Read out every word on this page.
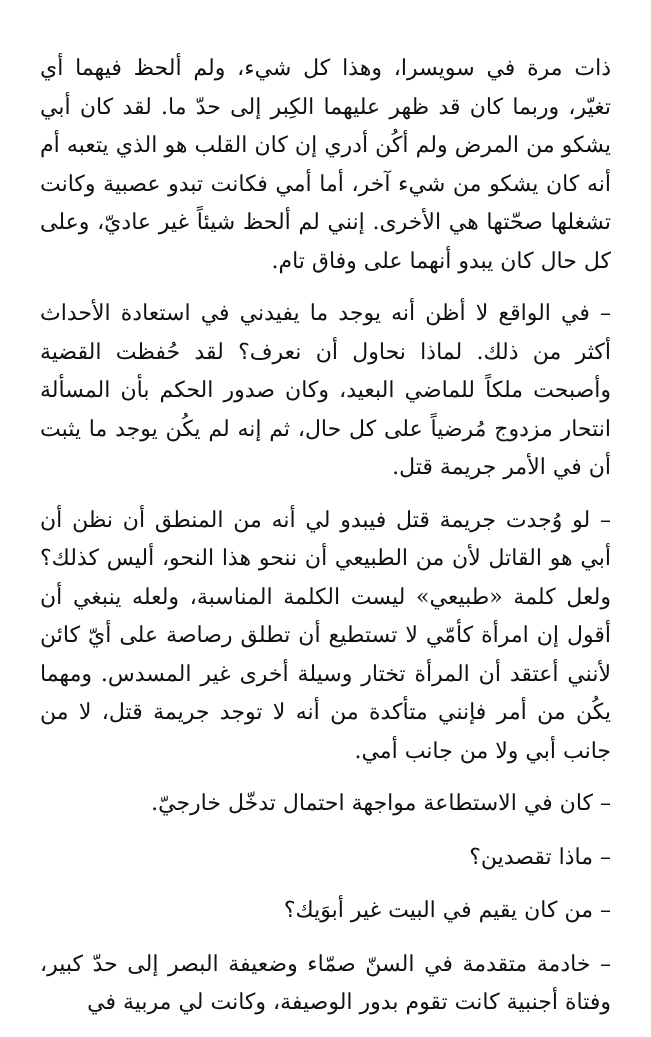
ذات مرة في سويسرا، وهذا كل شيء، ولم ألحظ فيهما أي تغيّر، وربما كان قد ظهر عليهما الكِبر إلى حدّ ما. لقد كان أبي يشكو من المرض ولم أكُن أدري إن كان القلب هو الذي يتعبه أم أنه كان يشكو من شيء آخر، أما أمي فكانت تبدو عصبية وكانت تشغلها صحّتها هي الأخرى. إنني لم ألحظ شيئاً غير عاديّ، وعلى كل حال كان يبدو أنهما على وفاق تام.

– في الواقع لا أظن أنه يوجد ما يفيدني في استعادة الأحداث أكثر من ذلك. لماذا نحاول أن نعرف؟ لقد حُفظت القضية وأصبحت ملكاً للماضي البعيد، وكان صدور الحكم بأن المسألة انتحار مزدوج مُرضياً على كل حال، ثم إنه لم يكُن يوجد ما يثبت أن في الأمر جريمة قتل.

– لو وُجدت جريمة قتل فيبدو لي أنه من المنطق أن نظن أن أبي هو القاتل لأن من الطبيعي أن ننحو هذا النحو، أليس كذلك؟ ولعل كلمة «طبيعي» ليست الكلمة المناسبة، ولعله ينبغي أن أقول إن امرأة كأمّي لا تستطيع أن تطلق رصاصة على أيّ كائن لأنني أعتقد أن المرأة تختار وسيلة أخرى غير المسدس. ومهما يكُن من أمر فإنني متأكدة من أنه لا توجد جريمة قتل، لا من جانب أبي ولا من جانب أمي.

– كان في الاستطاعة مواجهة احتمال تدخّل خارجيّ.

– ماذا تقصدين؟

– من كان يقيم في البيت غير أبوَيك؟

– خادمة متقدمة في السنّ صمّاء وضعيفة البصر إلى حدّ كبير، وفتاة أجنبية كانت تقوم بدور الوصيفة، وكانت لي مربية في
